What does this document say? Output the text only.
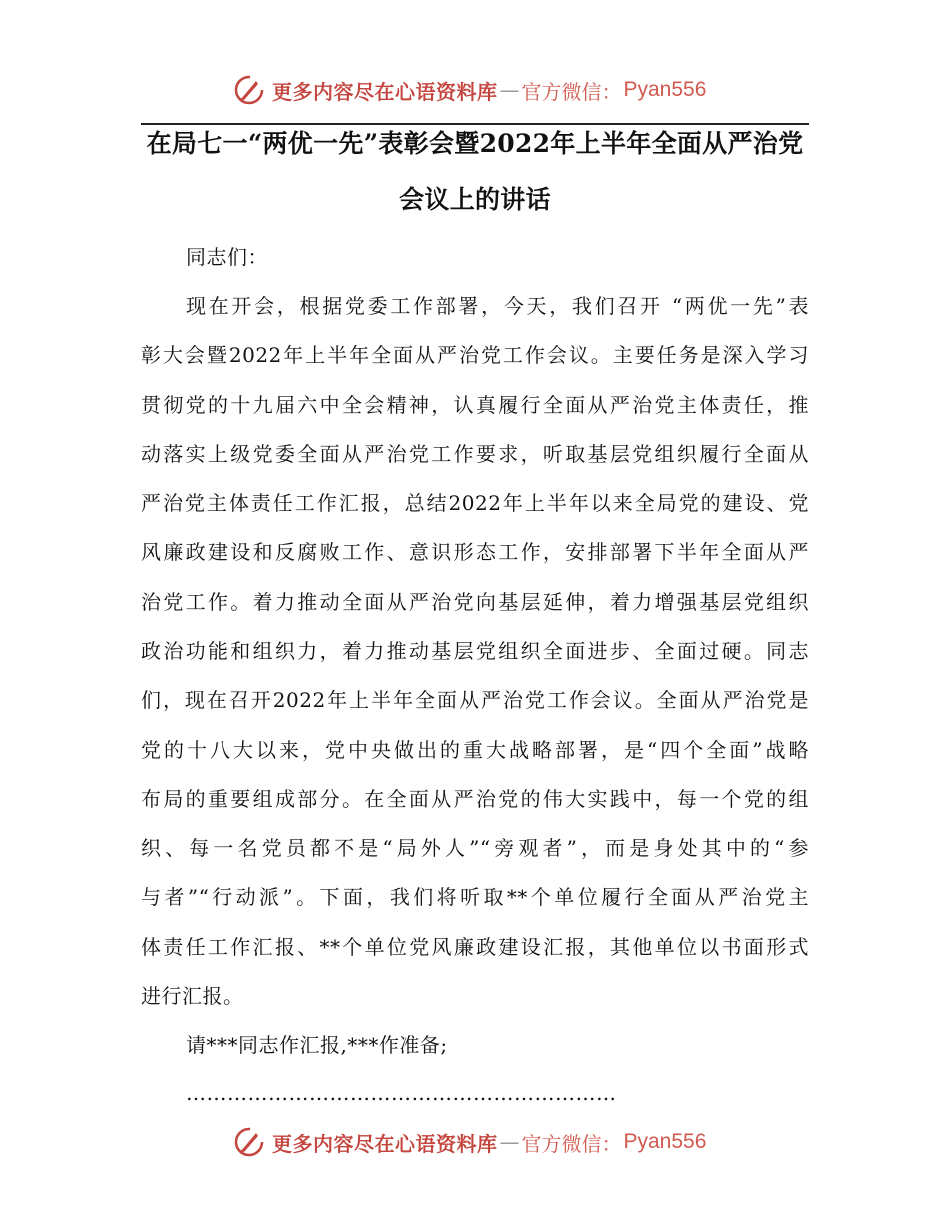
更多内容尽在心语资料库 — 官方微信： Pyan556
在局七一“两优一先”表彰会暨2022年上半年全面从严治党
会议上的讲话
同志们：
现在开会，根据党委工作部署，今天，我们召开 “两优一先”表
彰大会暨2022年上半年全面从严治党工作会议。主要任务是深入学习
贯彻党的十九届六中全会精神，认真履行全面从严治党主体责任，推
动落实上级党委全面从严治党工作要求，听取基层党组织履行全面从
严治党主体责任工作汇报，总结2022年上半年以来全局党的建设、党
风廉政建设和反腐败工作、意识形态工作，安排部署下半年全面从严
治党工作。着力推动全面从严治党向基层延伸，着力增强基层党组织
政治功能和组织力，着力推动基层党组织全面进步、全面过硬。同志
们，现在召开2022年上半年全面从严治党工作会议。全面从严治党是
党的十八大以来，党中央做出的重大战略部署，是“四个全面”战略
布局的重要组成部分。在全面从严治党的伟大实践中，每一个党的组
织、每一名党员都不是“局外人”“旁观者”，而是身处其中的“参
与者”“行动派”。下面，我们将听取**个单位履行全面从严治党主
体责任工作汇报、**个单位党风廉政建设汇报，其他单位以书面形式
进行汇报。
请***同志作汇报,***作准备;
………………………………………………………
更多内容尽在心语资料库 — 官方微信： Pyan556
